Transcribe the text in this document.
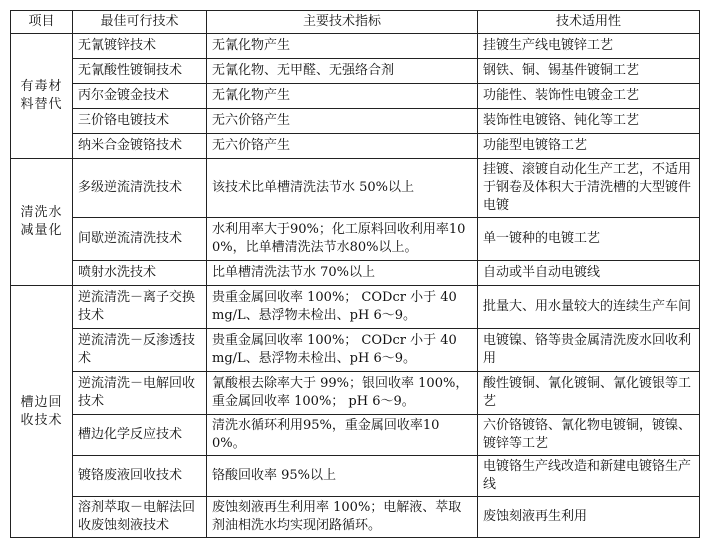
项目	最佳可行技术	主要技术指标	技术适用性
有毒材料替代	无氰镀锌技术	无氰化物产生	挂镀生产线电镀锌工艺
	无氰酸性镀铜技术	无氰化物、无甲醛、无强络合剂	钢铁、铜、锡基件镀铜工艺
	丙尔金镀金技术	无氰化物产生	功能性、装饰性电镀金工艺
	三价铬电镀技术	无六价铬产生	装饰性电镀铬、钝化等工艺
	纳米合金镀铬技术	无六价铬产生	功能型电镀铬工艺
清洗水减量化	多级逆流清洗技术	该技术比单槽清洗法节水 50%以上	挂镀、滚镀自动化生产工艺，不适用于钢卷及体积大于清洗槽的大型镀件电镀
	间歇逆流清洗技术	水利用率大于90%；化工原料回收利用率100%，比单槽清洗法节水80%以上。	单一镀种的电镀工艺
	喷射水洗技术	比单槽清洗法节水 70%以上	自动或半自动电镀线
槽边回收技术	逆流清洗－离子交换技术	贵重金属回收率 100%； CODcr 小于 40 mg/L、悬浮物未检出、pH 6～9。	批量大、用水量较大的连续生产车间
	逆流清洗－反渗透技术	贵重金属回收率 100%； CODcr 小于 40 mg/L、悬浮物未检出、pH 6～9。	电镀镍、铬等贵金属清洗废水回收利用
	逆流清洗－电解回收技术	氰酸根去除率大于 99%；银回收率 100%，重金属回收率 100%； pH 6～9。	酸性镀铜、氰化镀铜、氰化镀银等工艺
	槽边化学反应技术	清洗水循环利用95%，重金属回收率100%。	六价铬镀铬、氰化物电镀铜，镀镍、镀锌等工艺
	镀铬废液回收技术	铬酸回收率 95%以上	电镀铬生产线改造和新建电镀铬生产线
	溶剂萃取－电解法回收废蚀刻液技术	废蚀刻液再生利用率 100%；电解液、萃取剂油相洗水均实现闭路循环。	废蚀刻液再生利用
